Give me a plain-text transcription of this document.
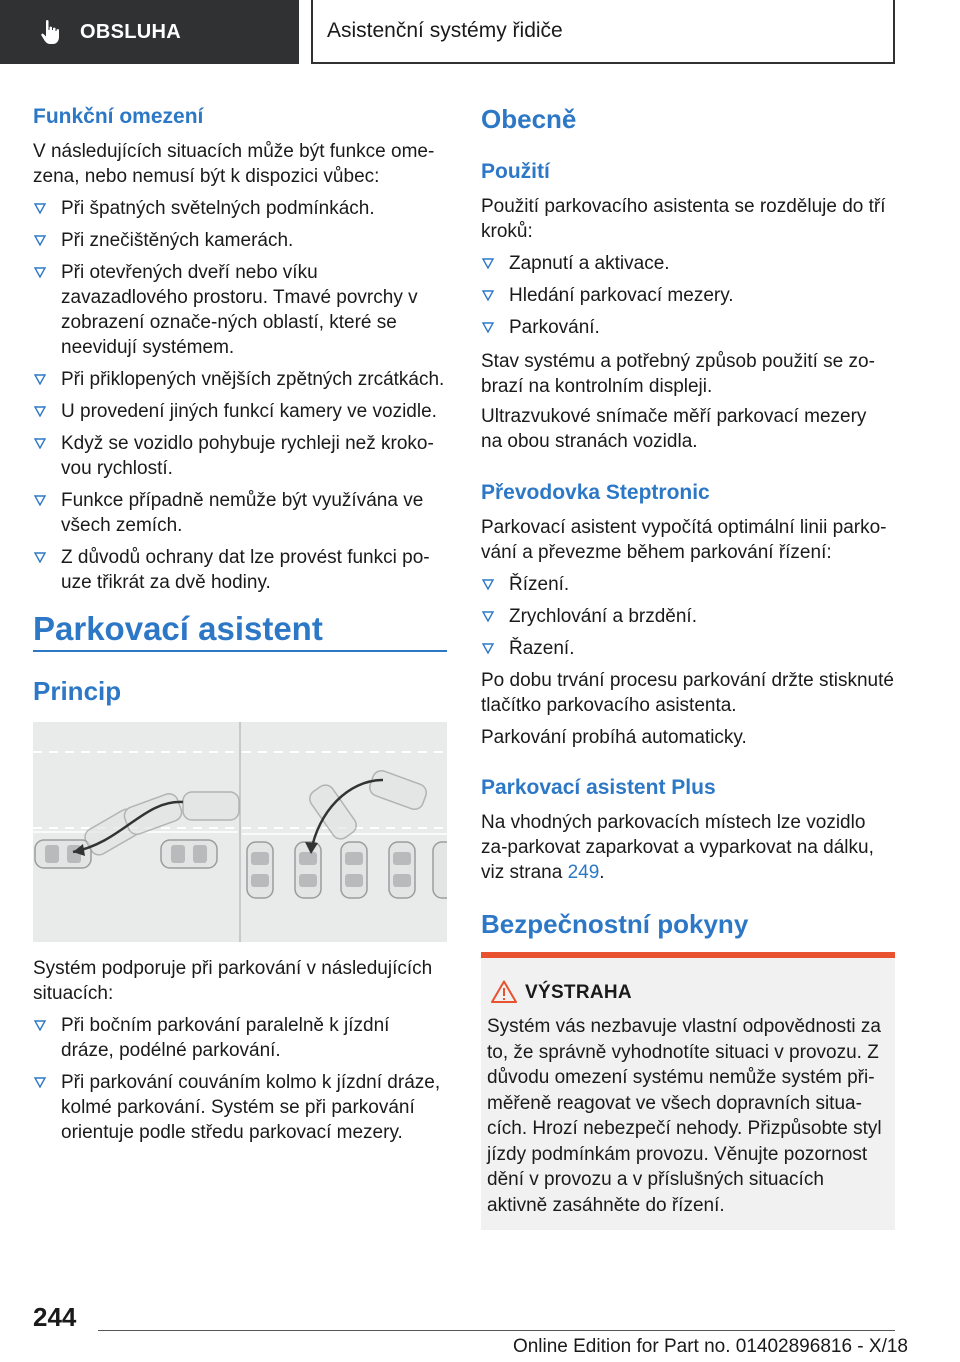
OBSLUHA	Asistenční systémy řidiče
Funkční omezení
V následujících situacích může být funkce ome-zena, nebo nemusí být k dispozici vůbec:
Při špatných světelných podmínkách.
Při znečištěných kamerách.
Při otevřených dveří nebo víku zavazadlového prostoru. Tmavé povrchy v zobrazení označe-ných oblastí, které se neevidují systémem.
Při přiklopených vnějších zpětných zrcátkách.
U provedení jiných funkcí kamery ve vozidle.
Když se vozidlo pohybuje rychleji než kroko-vou rychlostí.
Funkce případně nemůže být využívána ve všech zemích.
Z důvodů ochrany dat lze provést funkci po-uze třikrát za dvě hodiny.
Parkovací asistent
Princip
Systém podporuje při parkování v následujících situacích:
Při bočním parkování paralelně k jízdní dráze, podélné parkování.
Při parkování couváním kolmo k jízdní dráze, kolmé parkování. Systém se při parkování orientuje podle středu parkovací mezery.
Obecně
Použití
Použití parkovacího asistenta se rozděluje do tří kroků:
Zapnutí a aktivace.
Hledání parkovací mezery.
Parkování.
Stav systému a potřebný způsob použití se zo-brazí na kontrolním displeji.
Ultrazvukové snímače měří parkovací mezery na obou stranách vozidla.
Převodovka Steptronic
Parkovací asistent vypočítá optimální linii parko-vání a převezme během parkování řízení:
Řízení.
Zrychlování a brzdění.
Řazení.
Po dobu trvání procesu parkování držte stisknuté tlačítko parkovacího asistenta.
Parkování probíhá automaticky.
Parkovací asistent Plus
Na vhodných parkovacích místech lze vozidlo za-parkovat zaparkovat a vyparkovat na dálku, viz strana 249.
Bezpečnostní pokyny
VÝSTRAHA
Systém vás nezbavuje vlastní odpovědnosti za to, že správně vyhodnotíte situaci v provozu. Z důvodu omezení systému nemůže systém při-měřeně reagovat ve všech dopravních situa-cích. Hrozí nebezpečí nehody. Přizpůsobte styl jízdy podmínkám provozu. Věnujte pozornost dění v provozu a v příslušných situacích aktivně zasáhněte do řízení.
244
Online Edition for Part no. 01402896816 - X/18
